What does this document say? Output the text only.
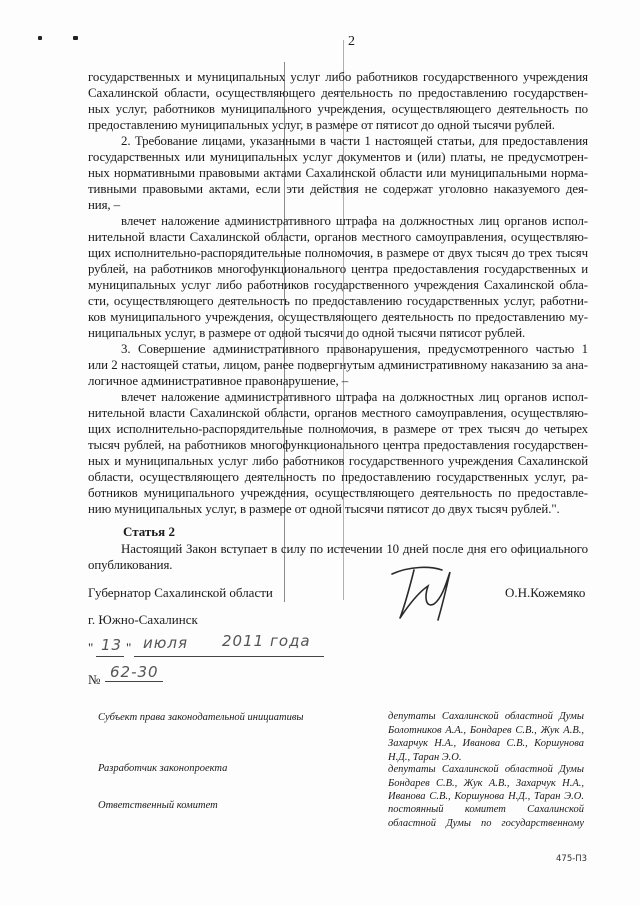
2
государственных и муниципальных услуг либо работников государственного учреждения
Сахалинской области, осуществляющего деятельность по предоставлению государствен-
ных услуг, работников муниципального учреждения, осуществляющего деятельность по
предоставлению муниципальных услуг, в размере от пятисот до одной тысячи рублей.
2. Требование лицами, указанными в части 1 настоящей статьи, для предоставления
государственных или муниципальных услуг документов и (или) платы, не предусмотрен-
ных нормативными правовыми актами Сахалинской области или муниципальными норма-
тивными правовыми актами, если эти действия не содержат уголовно наказуемого дея-
ния, –
влечет наложение административного штрафа на должностных лиц органов испол-
нительной власти Сахалинской области, органов местного самоуправления, осуществляю-
щих исполнительно-распорядительные полномочия, в размере от двух тысяч до трех тысяч
рублей, на работников многофункционального центра предоставления государственных и
муниципальных услуг либо работников государственного учреждения Сахалинской обла-
сти, осуществляющего деятельность по предоставлению государственных услуг, работни-
ков муниципального учреждения, осуществляющего деятельность по предоставлению му-
ниципальных услуг, в размере от одной тысячи до одной тысячи пятисот рублей.
3. Совершение административного правонарушения, предусмотренного частью 1
или 2 настоящей статьи, лицом, ранее подвергнутым административному наказанию за ана-
логичное административное правонарушение, –
влечет наложение административного штрафа на должностных лиц органов испол-
нительной власти Сахалинской области, органов местного самоуправления, осуществляю-
щих исполнительно-распорядительные полномочия, в размере от трех тысяч до четырех
тысяч рублей, на работников многофункционального центра предоставления государствен-
ных и муниципальных услуг либо работников государственного учреждения Сахалинской
области, осуществляющего деятельность по предоставлению государственных услуг, ра-
ботников муниципального учреждения, осуществляющего деятельность по предоставле-
нию муниципальных услуг, в размере от одной тысячи пятисот до двух тысяч рублей.".
Статья 2
Настоящий Закон вступает в силу по истечении 10 дней после дня его официального
опубликования.
Губернатор Сахалинской области	О.Н.Кожемяко
г. Южно-Сахалинск
" 13 " июля 2011 года
№ 62-30
Субъект права законодательной инициативы
Разработчик законопроекта
Ответственный комитет
депутаты Сахалинской областной Думы
Болотников А.А., Бондарев С.В., Жук А.В.,
Захарчук Н.А., Иванова С.В., Коршунова
Н.Д., Таран Э.О.
депутаты Сахалинской областной Думы
Бондарев С.В., Жук А.В., Захарчук Н.А.,
Иванова С.В., Коршунова Н.Д., Таран Э.О.
постоянный комитет Сахалинской
областной Думы по государственному
475-П3
